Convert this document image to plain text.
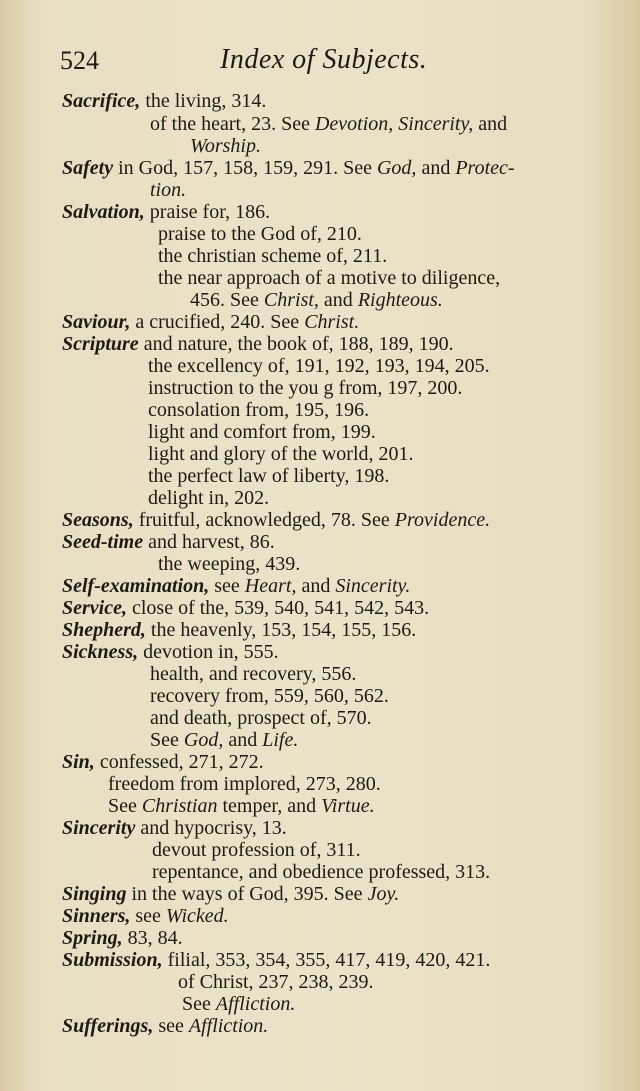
524	Index of Subjects.
Sacrifice, the living, 314.
of the heart, 23. See Devotion, Sincerity, and
Worship.
Safety in God, 157, 158, 159, 291. See God, and Protec-
tion.
Salvation, praise for, 186.
praise to the God of, 210.
the christian scheme of, 211.
the near approach of a motive to diligence,
456. See Christ, and Righteous.
Saviour, a crucified, 240. See Christ.
Scripture and nature, the book of, 188, 189, 190.
the excellency of, 191, 192, 193, 194, 205.
instruction to the you g from, 197, 200.
consolation from, 195, 196.
light and comfort from, 199.
light and glory of the world, 201.
the perfect law of liberty, 198.
delight in, 202.
Seasons, fruitful, acknowledged, 78. See Providence.
Seed-time and harvest, 86.
the weeping, 439.
Self-examination, see Heart, and Sincerity.
Service, close of the, 539, 540, 541, 542, 543.
Shepherd, the heavenly, 153, 154, 155, 156.
Sickness, devotion in, 555.
health, and recovery, 556.
recovery from, 559, 560, 562.
and death, prospect of, 570.
See God, and Life.
Sin, confessed, 271, 272.
freedom from implored, 273, 280.
See Christian temper, and Virtue.
Sincerity and hypocrisy, 13.
devout profession of, 311.
repentance, and obedience professed, 313.
Singing in the ways of God, 395. See Joy.
Sinners, see Wicked.
Spring, 83, 84.
Submission, filial, 353, 354, 355, 417, 419, 420, 421.
of Christ, 237, 238, 239.
See Affliction.
Sufferings, see Affliction.
